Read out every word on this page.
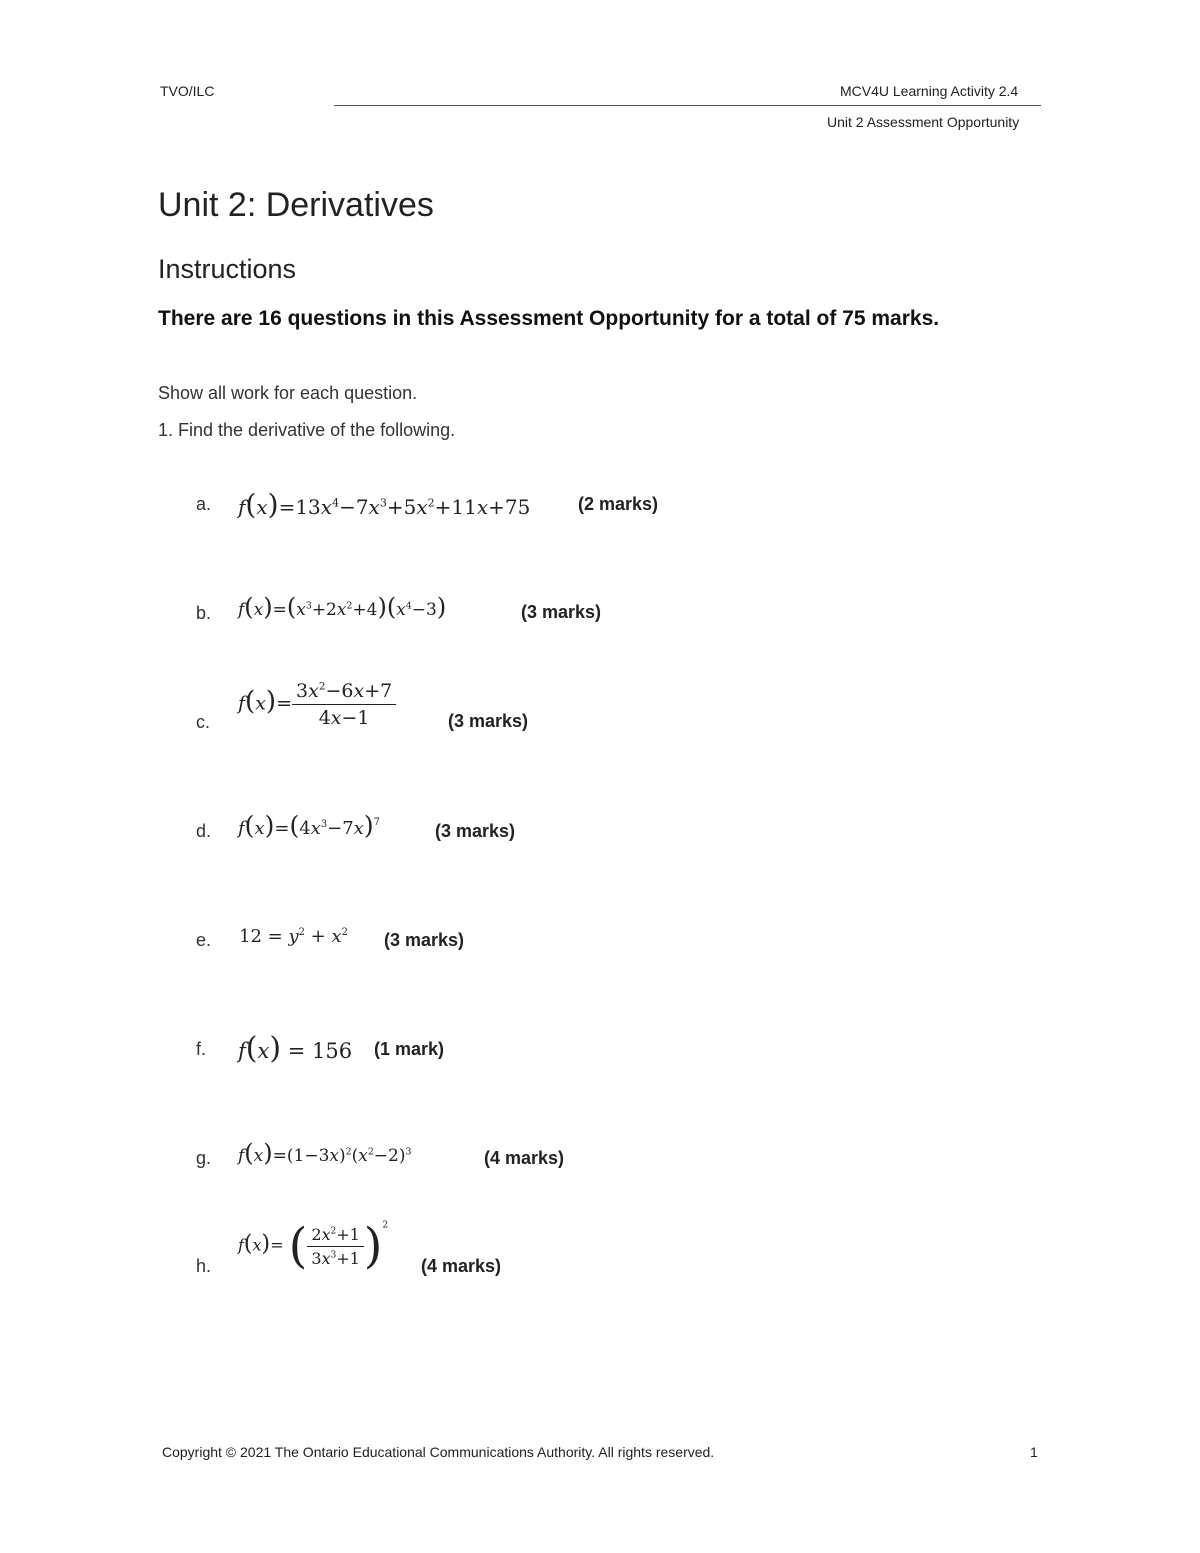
TVO/ILC	MCV4U Learning Activity 2.4
Unit 2 Assessment Opportunity
Unit 2: Derivatives
Instructions
There are 16 questions in this Assessment Opportunity for a total of 75 marks.
Show all work for each question.
1. Find the derivative of the following.
a. $f(x)=13x^4-7x^3+5x^2+11x+75$	(2 marks)
b. $f(x)=(x^3+2x^2+4)(x^4-3)$	(3 marks)
c.
$f(x)= \frac{3x^2-6x+7}{4x-1}$	(3 marks)
d. $f(x)=(4x^3-7x)^7$	(3 marks)
e. $12 = y^2 + x^2$ (3 marks)
f. f(x) = 156 (1 mark)
g. $f(x)=(1-3x)^2(x^2-2)^3$	(4 marks)
h.
f(x)= ( $\frac{2x^2+1}{3x^3+1} )^2$
(4 marks)
Copyright © 2021 The Ontario Educational Communications Authority. All rights reserved.	1
